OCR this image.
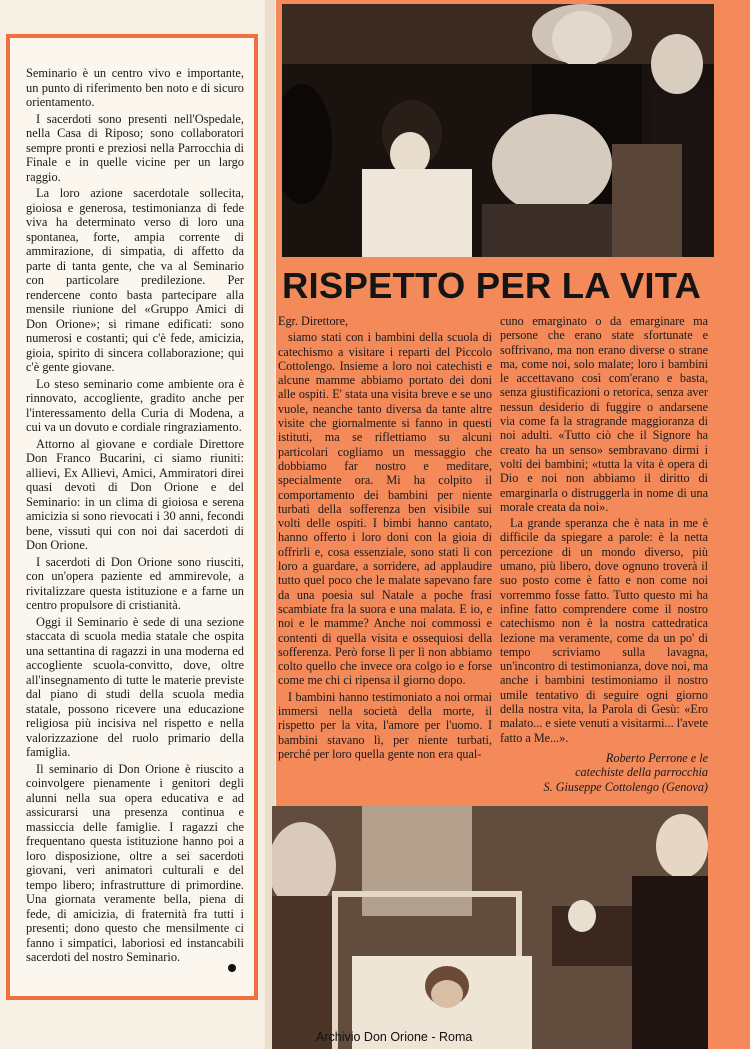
Seminario è un centro vivo e importante, un punto di riferimento ben noto e di sicuro orientamento.

I sacerdoti sono presenti nell'Ospedale, nella Casa di Riposo; sono collaboratori sempre pronti e preziosi nella Parrocchia di Finale e in quelle vicine per un largo raggio.

La loro azione sacerdotale sollecita, gioiosa e generosa, testimonianza di fede viva ha determinato verso di loro una spontanea, forte, ampia corrente di ammirazione, di simpatia, di affetto da parte di tanta gente, che va al Seminario con particolare predilezione. Per rendercene conto basta partecipare alla mensile riunione del «Gruppo Amici di Don Orione»; si rimane edificati: sono numerosi e costanti; qui c'è fede, amicizia, gioia, spirito di sincera collaborazione; qui c'è gente giovane.

Lo steso seminario come ambiente ora è rinnovato, accogliente, gradito anche per l'interessamento della Curia di Modena, a cui va un dovuto e cordiale ringraziamento.

Attorno al giovane e cordiale Direttore Don Franco Bucarini, ci siamo riuniti: allievi, Ex Allievi, Amici, Ammiratori direi quasi devoti di Don Orione e del Seminario: in un clima di gioiosa e serena amicizia si sono rievocati i 30 anni, fecondi bene, vissuti qui con noi dai sacerdoti di Don Orione.

I sacerdoti di Don Orione sono riusciti, con un'opera paziente ed ammirevole, a rivitalizzare questa istituzione e a farne un centro propulsore di cristianità.

Oggi il Seminario è sede di una sezione staccata di scuola media statale che ospita una settantina di ragazzi in una moderna ed accogliente scuola-convitto, dove, oltre all'insegnamento di tutte le materie previste dal piano di studi della scuola media statale, possono ricevere una educazione religiosa più incisiva nel rispetto e nella valorizzazione del ruolo primario della famiglia.

Il seminario di Don Orione è riuscito a coinvolgere pienamente i genitori degli alunni nella sua opera educativa e ad assicurarsi una presenza continua e massiccia delle famiglie. I ragazzi che frequentano questa istituzione hanno poi a loro disposizione, oltre a sei sacerdoti giovani, veri animatori culturali e del tempo libero; infrastrutture di primordine. Una giornata veramente bella, piena di fede, di amicizia, di fraternità fra tutti i presenti; dono questo che mensilmente ci fanno i simpatici, laboriosi ed instancabili sacerdoti del nostro Seminario.

RISPETTO PER LA VITA

Egr. Direttore,

siamo stati con i bambini della scuola di catechismo a visitare i reparti del Piccolo Cottolengo. Insieme a loro noi catechisti e alcune mamme abbiamo portato dei doni alle ospiti. E' stata una visita breve e se uno vuole, neanche tanto diversa da tante altre visite che giornalmente si fanno in questi istituti, ma se riflettiamo su alcuni particolari cogliamo un messaggio che dobbiamo far nostro e meditare, specialmente ora. Mi ha colpito il comportamento dei bambini per niente turbati della sofferenza ben visibile sui volti delle ospiti. I bimbi hanno cantato, hanno offerto i loro doni con la gioia di offrirli e, cosa essenziale, sono stati lì con loro a guardare, a sorridere, ad applaudire tutto quel poco che le malate sapevano fare da una poesia sul Natale a poche frasi scambiate fra la suora e una malata. E io, e noi e le mamme? Anche noi commossi e contenti di quella visita e ossequiosi della sofferenza. Però forse lì per lì non abbiamo colto quello che invece ora colgo io e forse come me chi ci ripensa il giorno dopo.

I bambini hanno testimoniato a noi ormai immersi nella società della morte, il rispetto per la vita, l'amore per l'uomo. I bambini stavano lì, per niente turbati, perché per loro quella gente non era qual-

cuno emarginato o da emarginare ma persone che erano state sfortunate e soffrivano, ma non erano diverse o strane ma, come noi, solo malate; loro i bambini le accettavano così com'erano e basta, senza giustificazioni o retorica, senza aver nessun desiderio di fuggire o andarsene via come fa la stragrande maggioranza di noi adulti. «Tutto ciò che il Signore ha creato ha un senso» sembravano dirmi i volti dei bambini; «tutta la vita è opera di Dio e noi non abbiamo il diritto di emarginarla o distruggerla in nome di una morale creata da noi».

La grande speranza che è nata in me è difficile da spiegare a parole: è la netta percezione di un mondo diverso, più umano, più libero, dove ognuno troverà il suo posto come è fatto e non come noi vorremmo fosse fatto. Tutto questo mi ha infine fatto comprendere come il nostro catechismo non è la nostra cattedratica lezione ma veramente, come da un po' di tempo scriviamo sulla lavagna, un'incontro di testimonianza, dove noi, ma anche i bambini testimoniamo il nostro umile tentativo di seguire ogni giorno della nostra vita, la Parola di Gesù: «Ero malato... e siete venuti a visitarmi... l'avete fatto a Me...».

Roberto Perrone e le
catechiste della parrocchia
S. Giuseppe Cottolengo (Genova)
Archivio Don Orione - Roma
